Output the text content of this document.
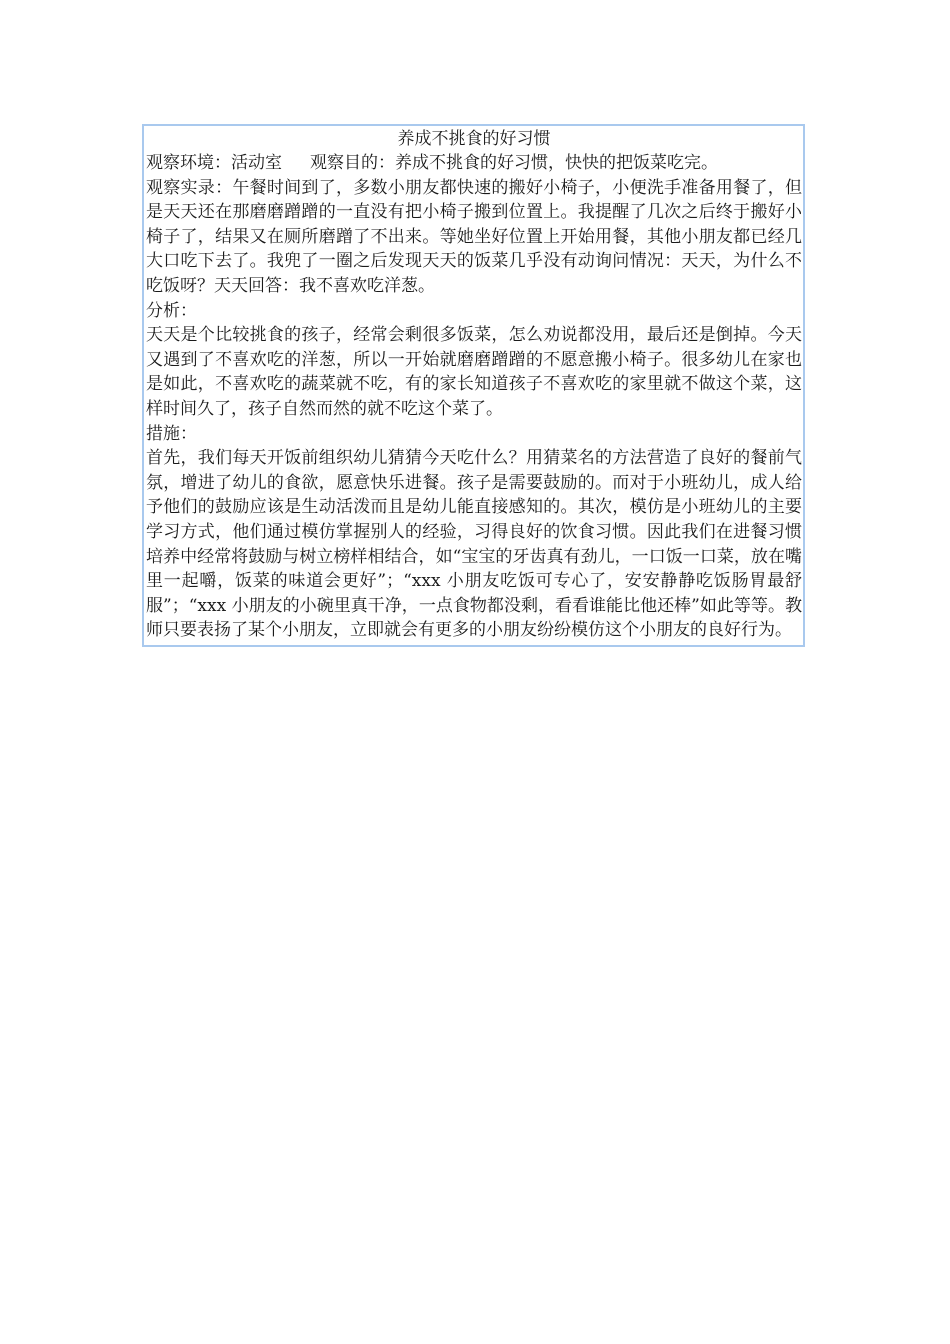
养成不挑食的好习惯

观察环境：活动室 观察目的：养成不挑食的好习惯，快快的把饭菜吃完。

观察实录：午餐时间到了，多数小朋友都快速的搬好小椅子，小便洗手准备用餐了，但是天天还在那磨磨蹭蹭的一直没有把小椅子搬到位置上。我提醒了几次之后终于搬好小椅子了，结果又在厕所磨蹭了不出来。等她坐好位置上开始用餐，其他小朋友都已经几大口吃下去了。我兜了一圈之后发现天天的饭菜几乎没有动询问情况：天天，为什么不吃饭呀？天天回答：我不喜欢吃洋葱。

分析：

天天是个比较挑食的孩子，经常会剩很多饭菜，怎么劝说都没用，最后还是倒掉。今天又遇到了不喜欢吃的洋葱，所以一开始就磨磨蹭蹭的不愿意搬小椅子。很多幼儿在家也是如此，不喜欢吃的蔬菜就不吃，有的家长知道孩子不喜欢吃的家里就不做这个菜，这样时间久了，孩子自然而然的就不吃这个菜了。

措施：

首先，我们每天开饭前组织幼儿猜猜今天吃什么？用猜菜名的方法营造了良好的餐前气氛，增进了幼儿的食欲，愿意快乐进餐。孩子是需要鼓励的。而对于小班幼儿，成人给予他们的鼓励应该是生动活泼而且是幼儿能直接感知的。其次，模仿是小班幼儿的主要学习方式，他们通过模仿掌握别人的经验，习得良好的饮食习惯。因此我们在进餐习惯培养中经常将鼓励与树立榜样相结合，如“宝宝的牙齿真有劲儿，一口饭一口菜，放在嘴里一起嚼，饭菜的味道会更好”；“xxx 小朋友吃饭可专心了，安安静静吃饭肠胃最舒服”；“xxx 小朋友的小碗里真干净，一点食物都没剩，看看谁能比他还棒”如此等等。教师只要表扬了某个小朋友，立即就会有更多的小朋友纷纷模仿这个小朋友的良好行为。
